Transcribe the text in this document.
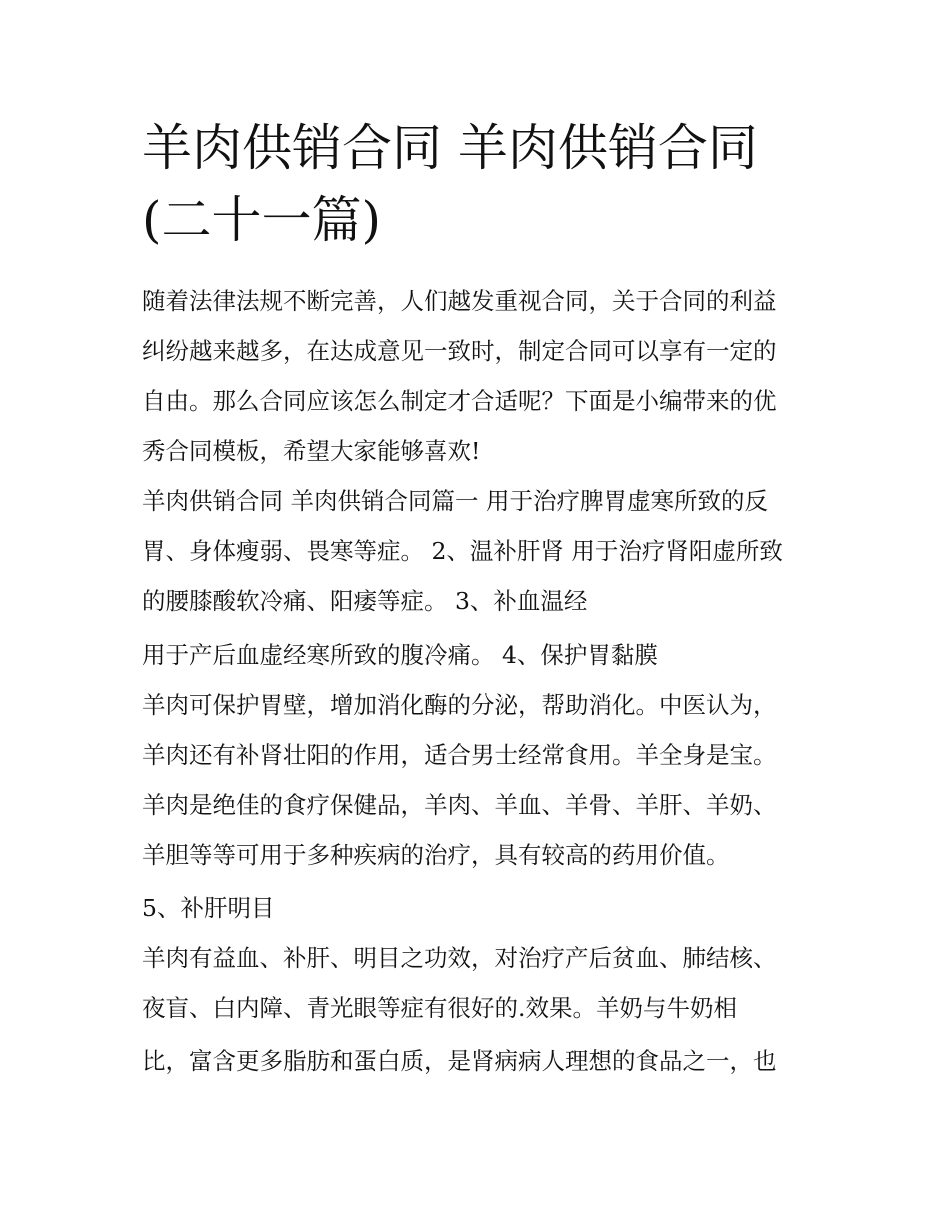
羊肉供销合同 羊肉供销合同
(二十一篇)

随着法律法规不断完善，人们越发重视合同，关于合同的利益

纠纷越来越多，在达成意见一致时，制定合同可以享有一定的

自由。那么合同应该怎么制定才合适呢？下面是小编带来的优

秀合同模板，希望大家能够喜欢!

羊肉供销合同 羊肉供销合同篇一 用于治疗脾胃虚寒所致的反

胃、身体瘦弱、畏寒等症。 2、温补肝肾 用于治疗肾阳虚所致

的腰膝酸软冷痛、阳痿等症。 3、补血温经

用于产后血虚经寒所致的腹冷痛。 4、保护胃黏膜

羊肉可保护胃壁，增加消化酶的分泌，帮助消化。中医认为，

羊肉还有补肾壮阳的作用，适合男士经常食用。羊全身是宝。

羊肉是绝佳的食疗保健品，羊肉、羊血、羊骨、羊肝、羊奶、

羊胆等等可用于多种疾病的治疗，具有较高的药用价值。

5、补肝明目

羊肉有益血、补肝、明目之功效，对治疗产后贫血、肺结核、

夜盲、白内障、青光眼等症有很好的.效果。羊奶与牛奶相

比，富含更多脂肪和蛋白质，是肾病病人理想的食品之一，也
